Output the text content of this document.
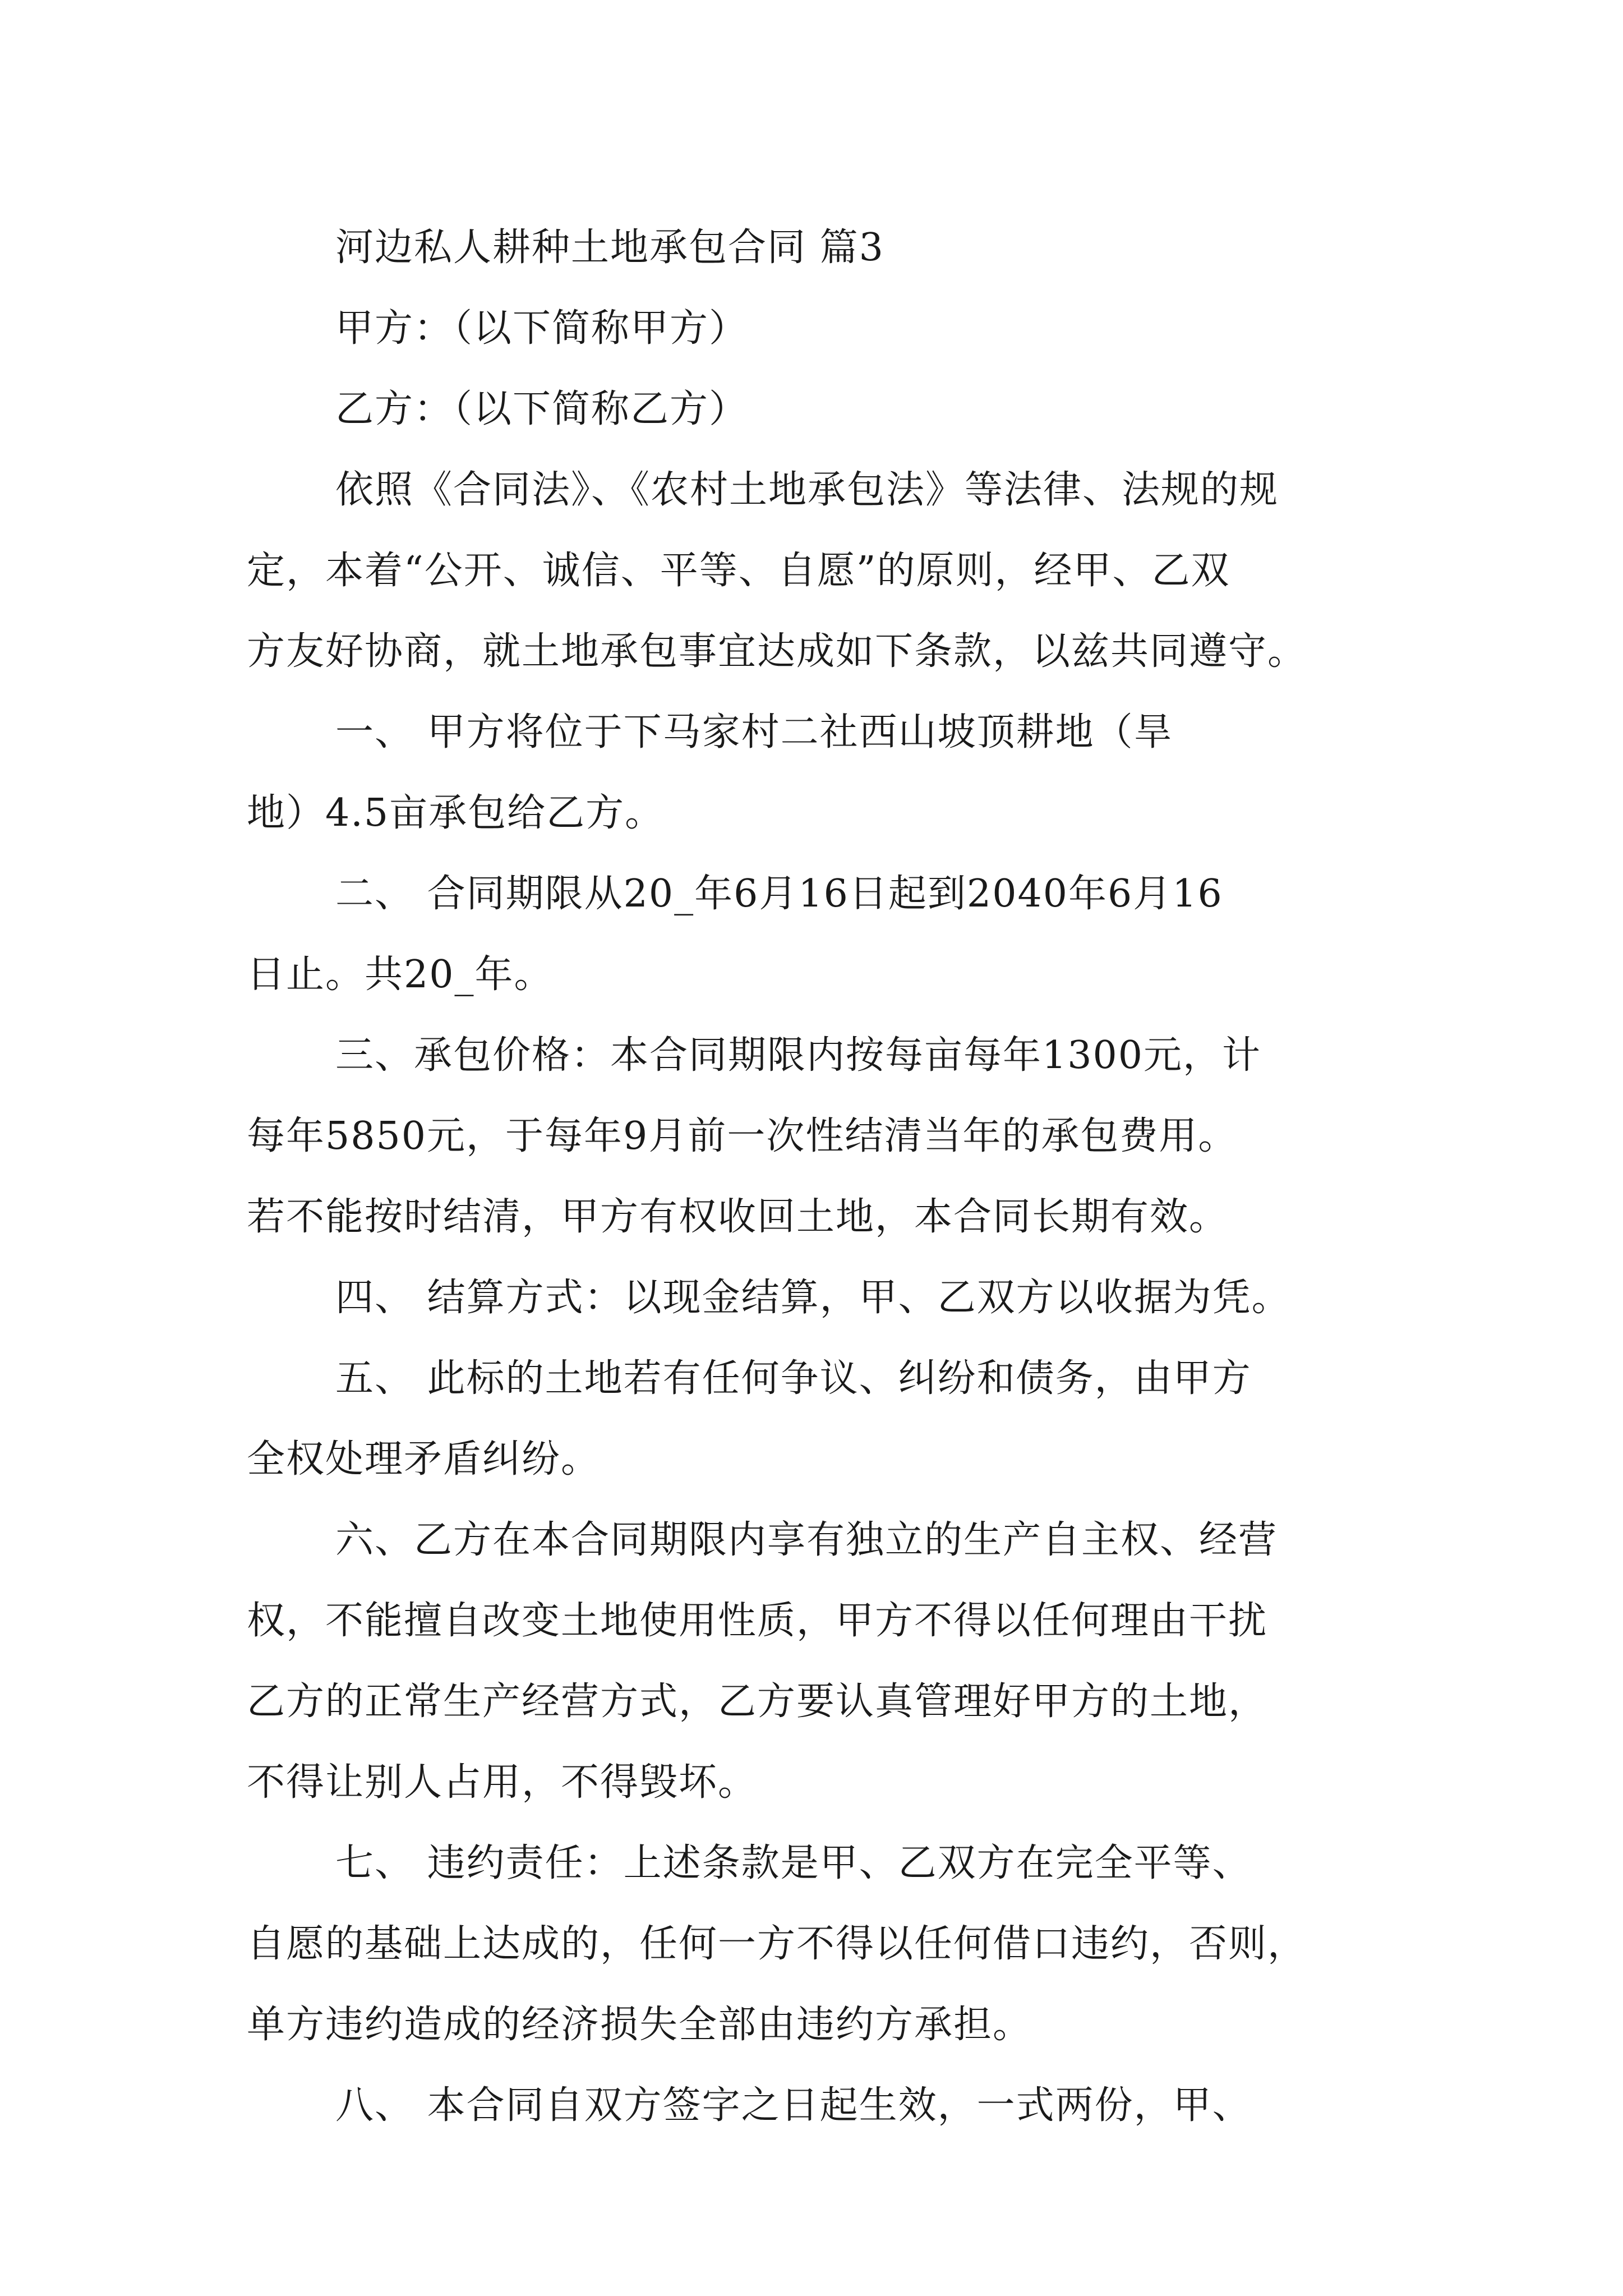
河边私人耕种土地承包合同 篇3
甲方：（以下简称甲方）
乙方：（以下简称乙方）
依照《合同法》、《农村土地承包法》等法律、法规的规
定，本着“公开、诚信、平等、自愿”的原则，经甲、乙双
方友好协商，就土地承包事宜达成如下条款，以兹共同遵守。
一、 甲方将位于下马家村二社西山坡顶耕地（旱
地）4.5亩承包给乙方。
二、 合同期限从20_年6月16日起到2040年6月16
日止。共20_年。
三、承包价格：本合同期限内按每亩每年1300元，计
每年5850元，于每年9月前一次性结清当年的承包费用。
若不能按时结清，甲方有权收回土地，本合同长期有效。
四、 结算方式：以现金结算，甲、乙双方以收据为凭。
五、 此标的土地若有任何争议、纠纷和债务，由甲方
全权处理矛盾纠纷。
六、乙方在本合同期限内享有独立的生产自主权、经营
权，不能擅自改变土地使用性质，甲方不得以任何理由干扰
乙方的正常生产经营方式，乙方要认真管理好甲方的土地，
不得让别人占用，不得毁坏。
七、 违约责任：上述条款是甲、乙双方在完全平等、
自愿的基础上达成的，任何一方不得以任何借口违约，否则，
单方违约造成的经济损失全部由违约方承担。
八、 本合同自双方签字之日起生效，一式两份，甲、
